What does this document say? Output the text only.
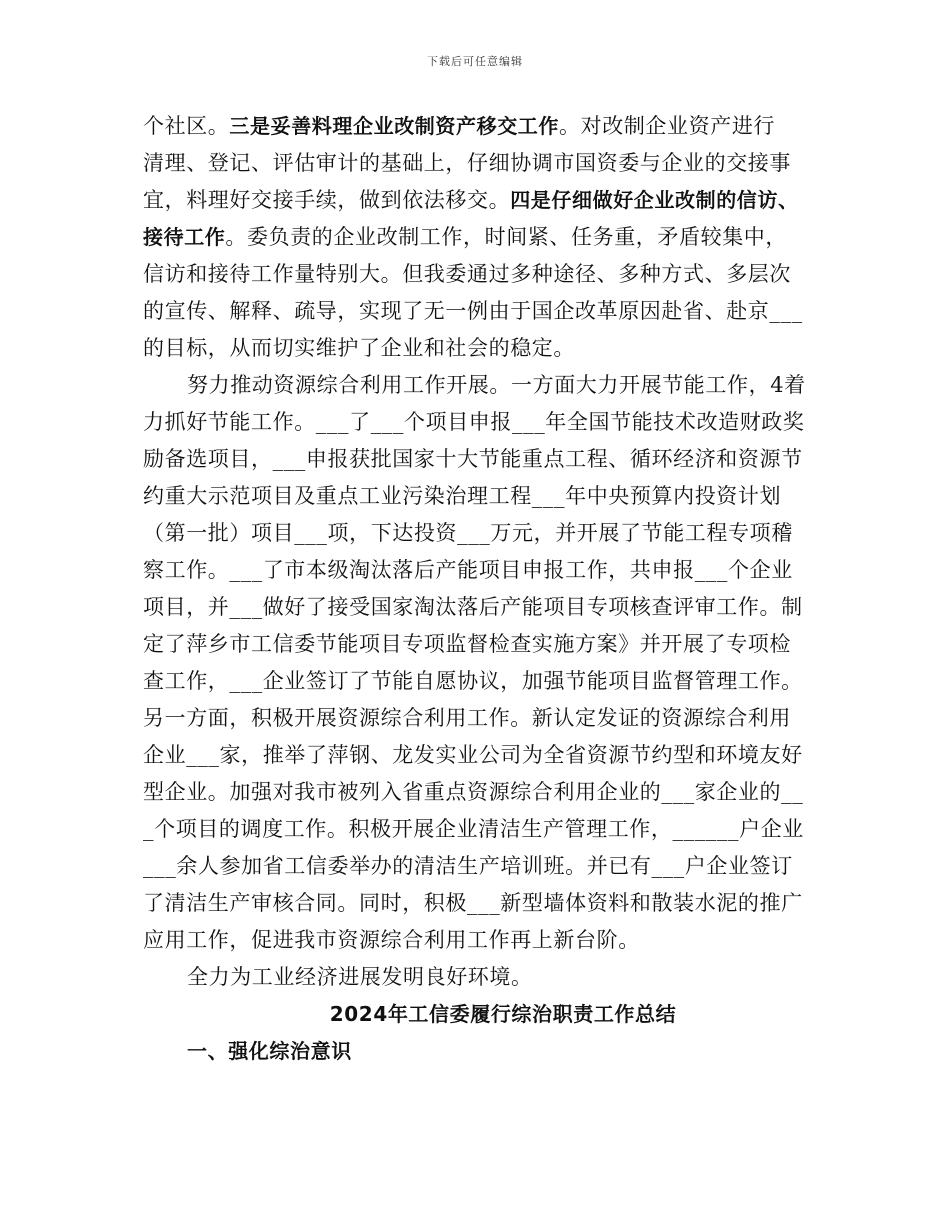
下载后可任意编辑
个社区。三是妥善料理企业改制资产移交工作。对改制企业资产进行
清理、登记、评估审计的基础上，仔细协调市国资委与企业的交接事
宜，料理好交接手续，做到依法移交。四是仔细做好企业改制的信访、
接待工作。委负责的企业改制工作，时间紧、任务重，矛盾较集中，
信访和接待工作量特别大。但我委通过多种途径、多种方式、多层次
的宣传、解释、疏导，实现了无一例由于国企改革原因赴省、赴京___
的目标，从而切实维护了企业和社会的稳定。
努力推动资源综合利用工作开展。一方面大力开展节能工作，4着
力抓好节能工作。___了___个项目申报___年全国节能技术改造财政奖
励备选项目，___申报获批国家十大节能重点工程、循环经济和资源节
约重大示范项目及重点工业污染治理工程___年中央预算内投资计划
（第一批）项目___项，下达投资___万元，并开展了节能工程专项稽
察工作。___了市本级淘汰落后产能项目申报工作，共申报___个企业
项目，并___做好了接受国家淘汰落后产能项目专项核查评审工作。制
定了萍乡市工信委节能项目专项监督检查实施方案》并开展了专项检
查工作，___企业签订了节能自愿协议，加强节能项目监督管理工作。
另一方面，积极开展资源综合利用工作。新认定发证的资源综合利用
企业___家，推举了萍钢、龙发实业公司为全省资源节约型和环境友好
型企业。加强对我市被列入省重点资源综合利用企业的___家企业的__
_个项目的调度工作。积极开展企业清洁生产管理工作，______户企业
___余人参加省工信委举办的清洁生产培训班。并已有___户企业签订
了清洁生产审核合同。同时，积极___新型墙体资料和散装水泥的推广
应用工作，促进我市资源综合利用工作再上新台阶。
全力为工业经济进展发明良好环境。
2024年工信委履行综治职责工作总结
一、强化综治意识
